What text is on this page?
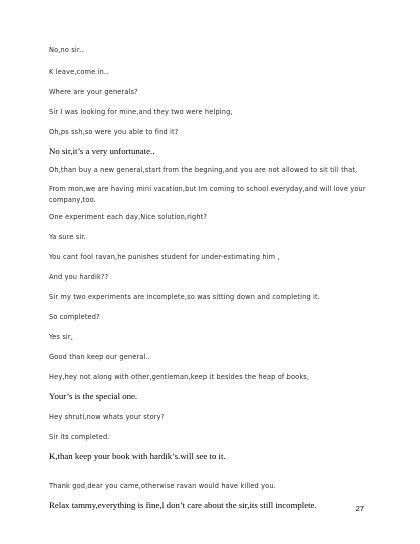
No,no sir..

K leave,come in..

Where are your generals?

Sir I was looking for mine,and they two were helping,

Oh,ps ssh,so were you able to find it?

No sir,it’s a very unfortunate..

Oh,than buy a new general,start from the begning,and you are not allowed to sit till that,

From mon,we are having mini vacation,but Im coming to school everyday,and will love your company,too.

One experiment each day,Nice solution,right?

Ya sure sir.

You cant fool ravan,he punishes student for under-estimating him ,

And you hardik??

Sir my two experiments are incomplete,so was sitting down and completing it.

So completed?

Yes sir,

Good than keep our general..

Hey,hey not along with other,gentleman,keep it besides the heap of books,

Your’s is the special one.

Hey shruti,now whats your story?

Sir its completed.

K,than keep your book with hardik’s.will see to it.

Thank god,dear you came,otherwise ravan would have killed you.

Relax tammy,everything is fine,I don’t care about the sir,its still incomplete.	27
